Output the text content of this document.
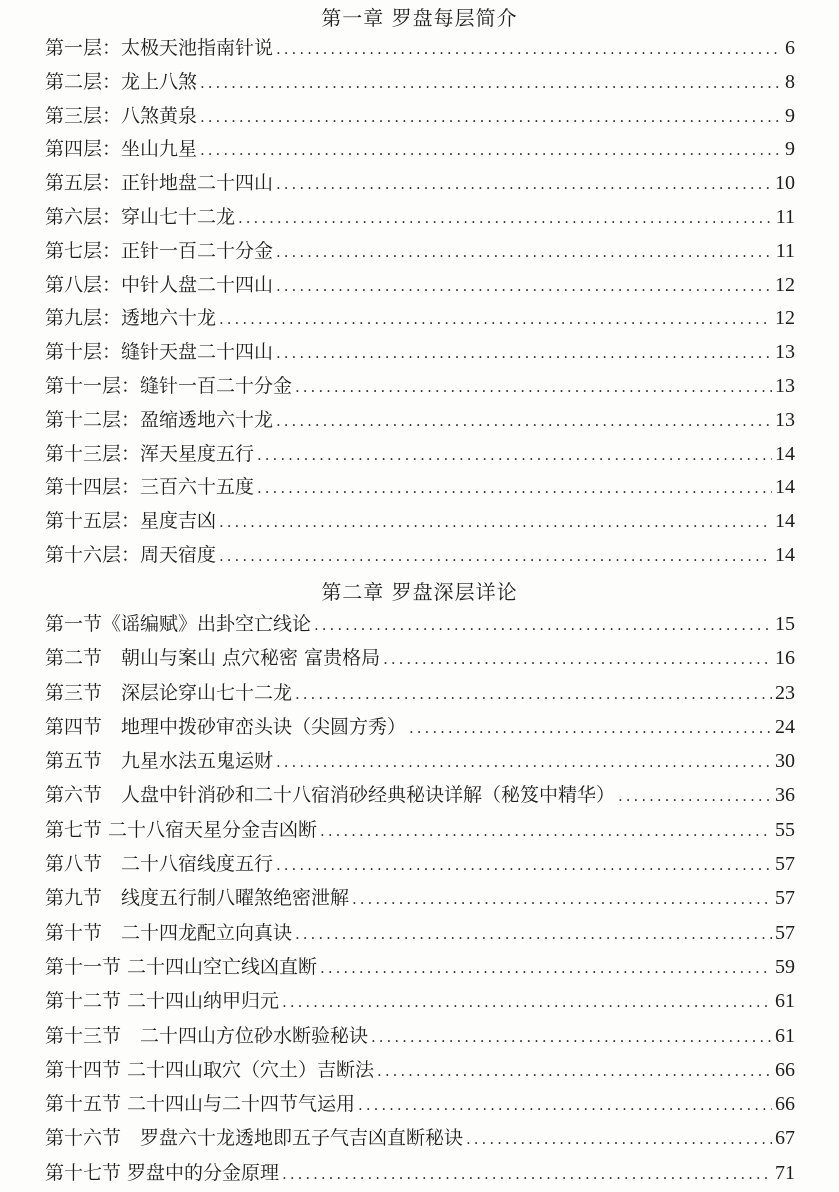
第一章 罗盘每层简介
第一层：太极天池指南针说 .....	6
第二层：龙上八煞 .....	8
第三层：八煞黄泉 .....	9
第四层：坐山九星 .....	9
第五层：正针地盘二十四山 .....	10
第六层：穿山七十二龙 .....	11
第七层：正针一百二十分金 .....	11
第八层：中针人盘二十四山 .....	12
第九层：透地六十龙 .....	12
第十层：缝针天盘二十四山 .....	13
第十一层：缝针一百二十分金 .....	13
第十二层：盈缩透地六十龙 .....	13
第十三层：浑天星度五行 .....	14
第十四层：三百六十五度 .....	14
第十五层：星度吉凶 .....	14
第十六层：周天宿度 .....	14
第二章 罗盘深层详论
第一节《谣编赋》出卦空亡线论 .....	15
第二节　朝山与案山 点穴秘密 富贵格局 .....	16
第三节　深层论穿山七十二龙 .....	23
第四节　地理中拨砂审峦头诀（尖圆方秀） .....	24
第五节　九星水法五鬼运财 .....	30
第六节　人盘中针消砂和二十八宿消砂经典秘诀详解（秘笈中精华） .....	36
第七节 二十八宿天星分金吉凶断 .....	55
第八节　二十八宿线度五行 .....	57
第九节　线度五行制八曜煞绝密泄解 .....	57
第十节　二十四龙配立向真诀 .....	57
第十一节 二十四山空亡线凶直断 .....	59
第十二节 二十四山纳甲归元 .....	61
第十三节　二十四山方位砂水断验秘诀 .....	61
第十四节 二十四山取穴（穴土）吉断法 .....	66
第十五节 二十四山与二十四节气运用 .....	66
第十六节　罗盘六十龙透地即五子气吉凶直断秘诀 .....	67
第十七节 罗盘中的分金原理 .....	71
